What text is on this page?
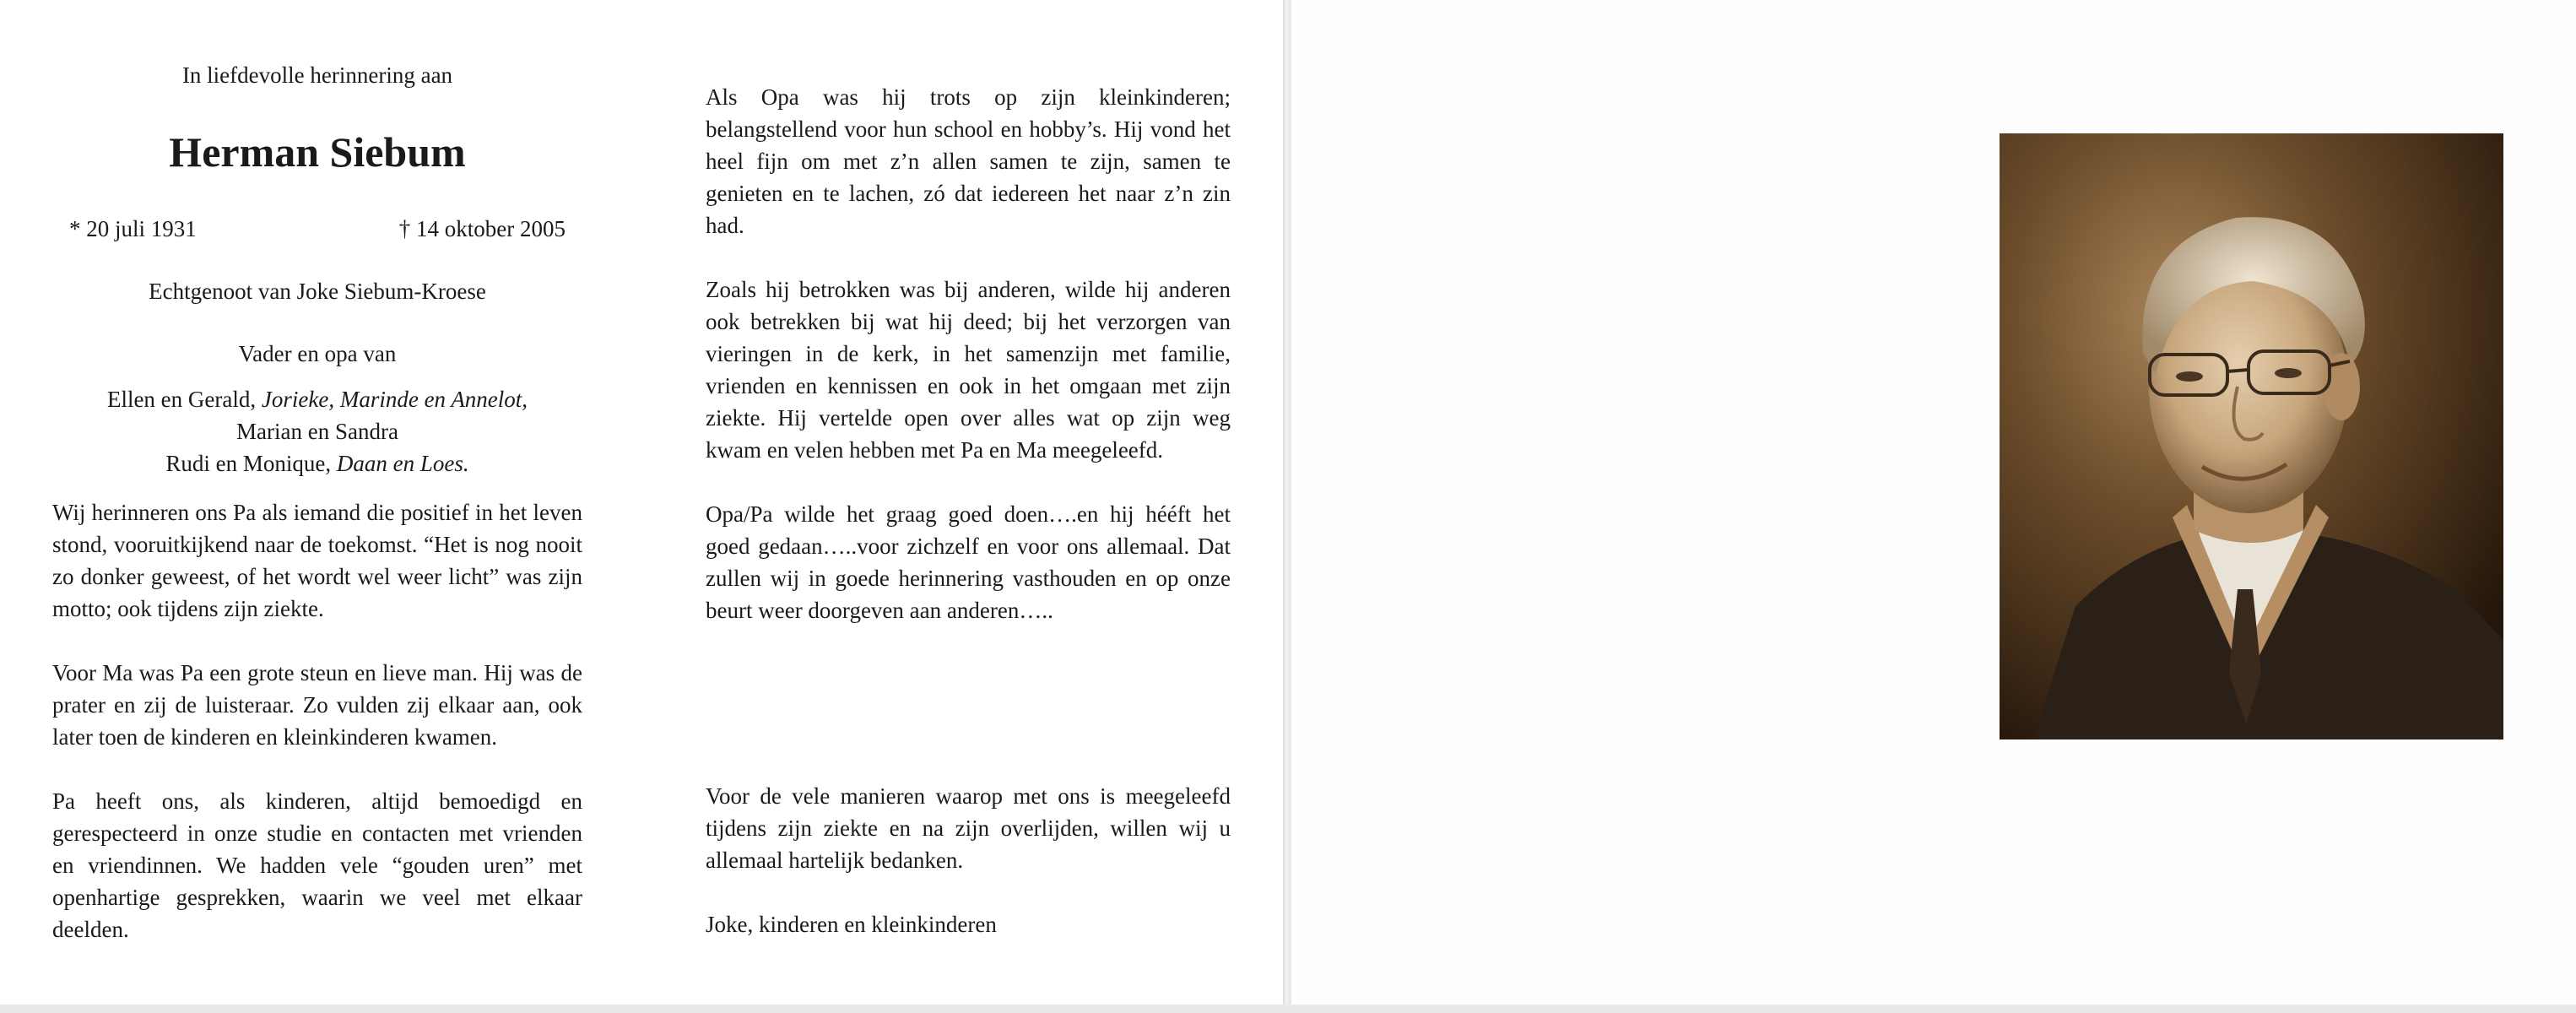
In liefdevolle herinnering aan
Herman Siebum
* 20 juli 1931	† 14 oktober 2005
Echtgenoot van Joke Siebum-Kroese
Vader en opa van
Ellen en Gerald, Jorieke, Marinde en Annelot,
Marian en Sandra
Rudi en Monique, Daan en Loes.

Wij herinneren ons Pa als iemand die positief in het leven stond, vooruitkijkend naar de toekomst. “Het is nog nooit zo donker geweest, of het wordt wel weer licht” was zijn motto; ook tijdens zijn ziekte.

Voor Ma was Pa een grote steun en lieve man. Hij was de prater en zij de luisteraar. Zo vulden zij elkaar aan, ook later toen de kinderen en kleinkinderen kwamen.

Pa heeft ons, als kinderen, altijd bemoedigd en gerespecteerd in onze studie en contacten met vrienden en vriendinnen. We hadden vele “gouden uren” met openhartige gesprekken, waarin we veel met elkaar deelden.

Als Opa was hij trots op zijn kleinkinderen; belangstellend voor hun school en hobby’s. Hij vond het heel fijn om met z’n allen samen te zijn, samen te genieten en te lachen, zó dat iedereen het naar z’n zin had.

Zoals hij betrokken was bij anderen, wilde hij anderen ook betrekken bij wat hij deed; bij het verzorgen van vieringen in de kerk, in het samenzijn met familie, vrienden en kennissen en ook in het omgaan met zijn ziekte. Hij vertelde open over alles wat op zijn weg kwam en velen hebben met Pa en Ma meegeleefd.

Opa/Pa wilde het graag goed doen….en hij hééft het goed gedaan…..voor zichzelf en voor ons allemaal. Dat zullen wij in goede herinnering vasthouden en op onze beurt weer doorgeven aan anderen…..

Voor de vele manieren waarop met ons is meegeleefd tijdens zijn ziekte en na zijn overlijden, willen wij u allemaal hartelijk bedanken.

Joke, kinderen en kleinkinderen
